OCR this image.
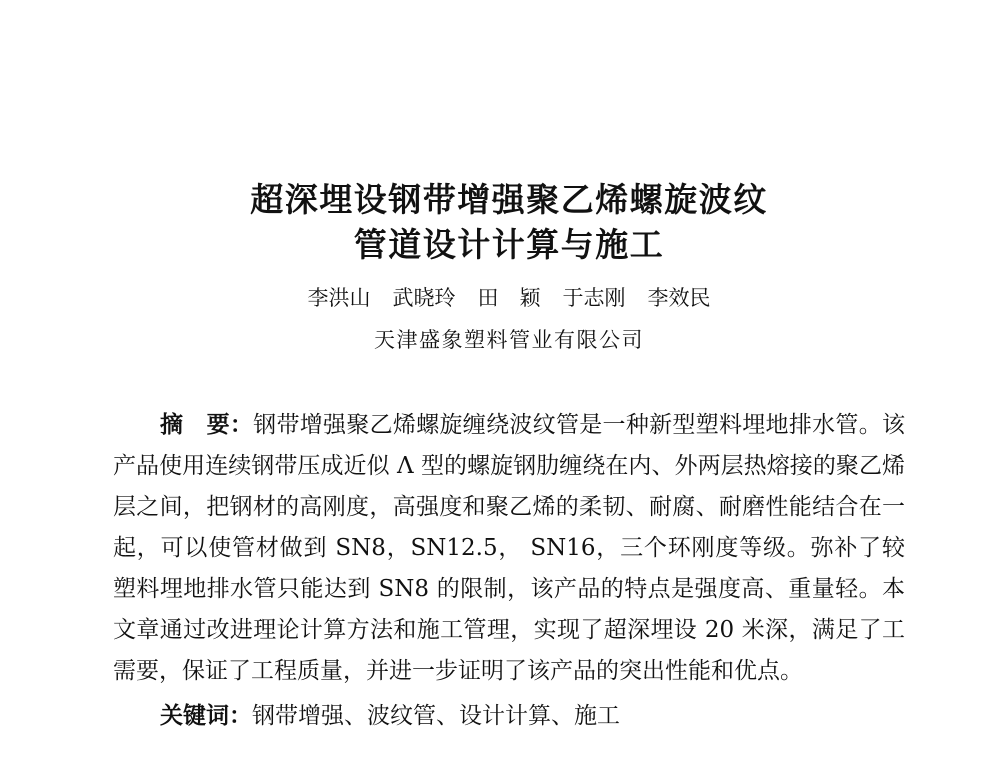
超深埋设钢带增强聚乙烯螺旋波纹
管道设计计算与施工
李洪山 武晓玲 田　颖 于志刚 李效民
天津盛象塑料管业有限公司
摘　要：钢带增强聚乙烯螺旋缠绕波纹管是一种新型塑料埋地排水管。该
产品使用连续钢带压成近似 Λ 型的螺旋钢肋缠绕在内、外两层热熔接的聚乙烯
层之间，把钢材的高刚度，高强度和聚乙烯的柔韧、耐腐、耐磨性能结合在一
起，可以使管材做到 SN8，SN12.5， SN16，三个环刚度等级。弥补了较
塑料埋地排水管只能达到 SN8 的限制，该产品的特点是强度高、重量轻。本
文章通过改进理论计算方法和施工管理，实现了超深埋设 20 米深，满足了工
需要，保证了工程质量，并进一步证明了该产品的突出性能和优点。
关键词：钢带增强、波纹管、设计计算、施工
